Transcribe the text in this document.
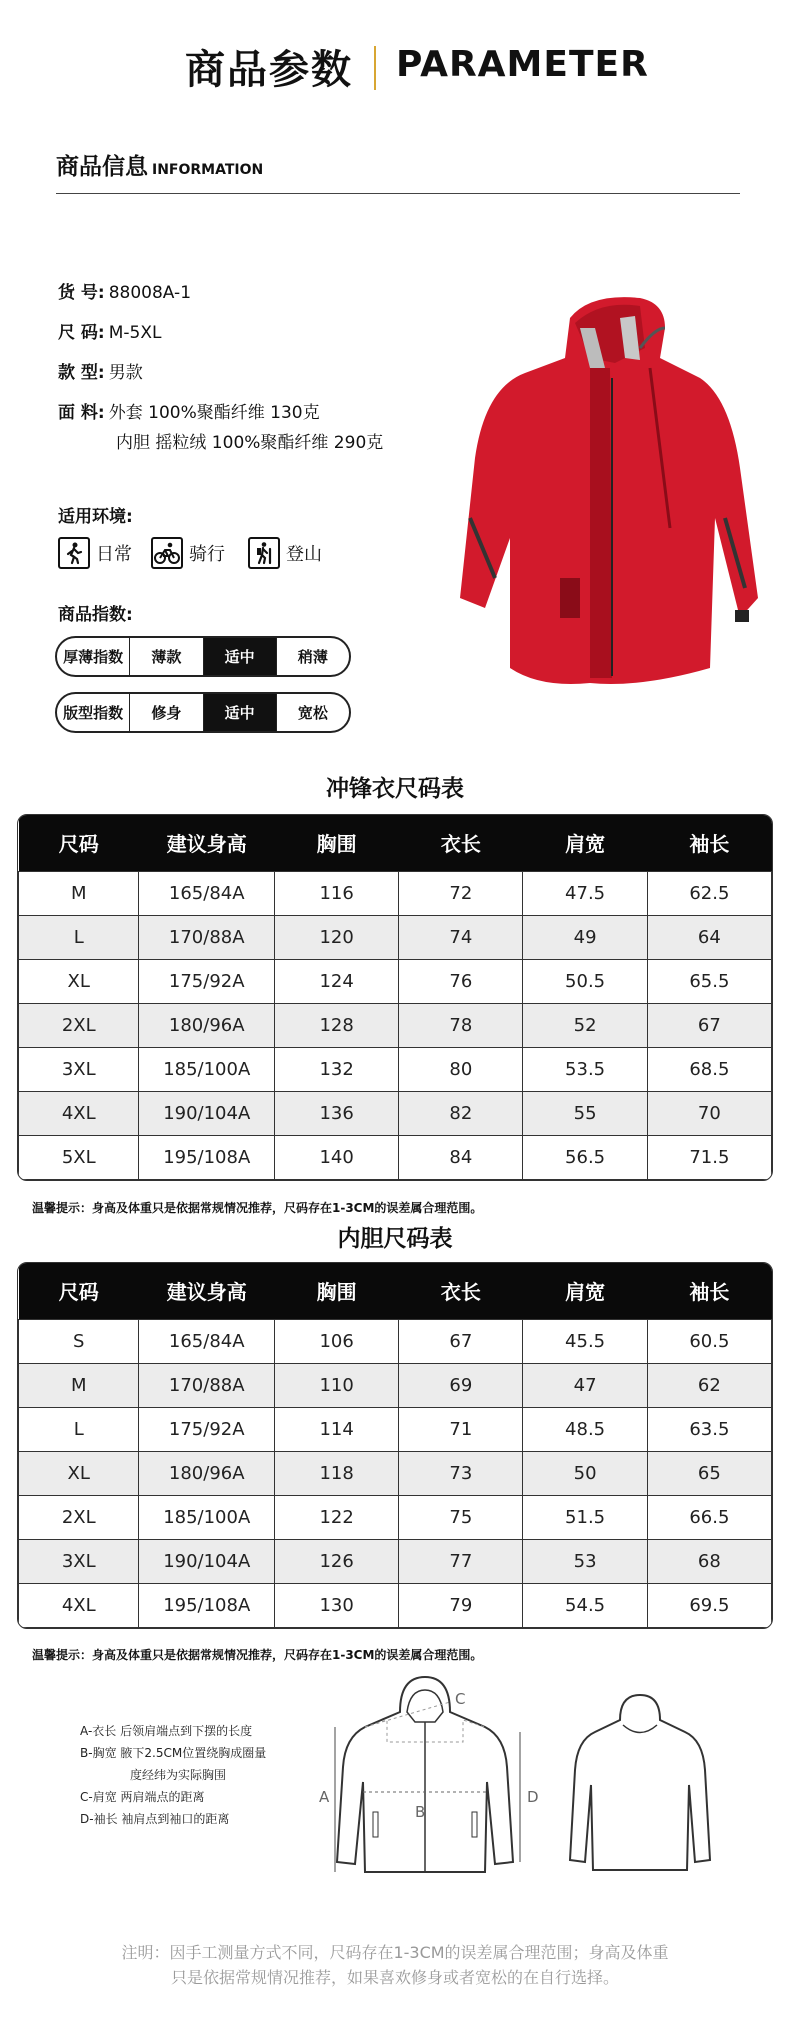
商品参数 PARAMETER
商品信息 INFORMATION
货 号: 88008A-1
尺 码: M-5XL
款 型: 男款
面 料: 外套 100%聚酯纤维 130克
内胆 摇粒绒 100%聚酯纤维 290克
适用环境:
日常	骑行	登山
商品指数:
厚薄指数	薄款	适中	稍薄
版型指数	修身	适中	宽松
冲锋衣尺码表
尺码	建议身高	胸围	衣长	肩宽	袖长
M	165/84A	116	72	47.5	62.5
L	170/88A	120	74	49	64
XL	175/92A	124	76	50.5	65.5
2XL	180/96A	128	78	52	67
3XL	185/100A	132	80	53.5	68.5
4XL	190/104A	136	82	55	70
5XL	195/108A	140	84	56.5	71.5
温馨提示：身高及体重只是依据常规情况推荐，尺码存在1-3CM的误差属合理范围。
内胆尺码表
尺码	建议身高	胸围	衣长	肩宽	袖长
S	165/84A	106	67	45.5	60.5
M	170/88A	110	69	47	62
L	175/92A	114	71	48.5	63.5
XL	180/96A	118	73	50	65
2XL	185/100A	122	75	51.5	66.5
3XL	190/104A	126	77	53	68
4XL	195/108A	130	79	54.5	69.5
温馨提示：身高及体重只是依据常规情况推荐，尺码存在1-3CM的误差属合理范围。
A-衣长 后领肩端点到下摆的长度
B-胸宽 腋下2.5CM位置绕胸成圈量
度经纬为实际胸围
C-肩宽 两肩端点的距离
D-袖长 袖肩点到袖口的距离
A
B
C
D
注明：因手工测量方式不同，尺码存在1-3CM的误差属合理范围；身高及体重
只是依据常规情况推荐，如果喜欢修身或者宽松的在自行选择。
